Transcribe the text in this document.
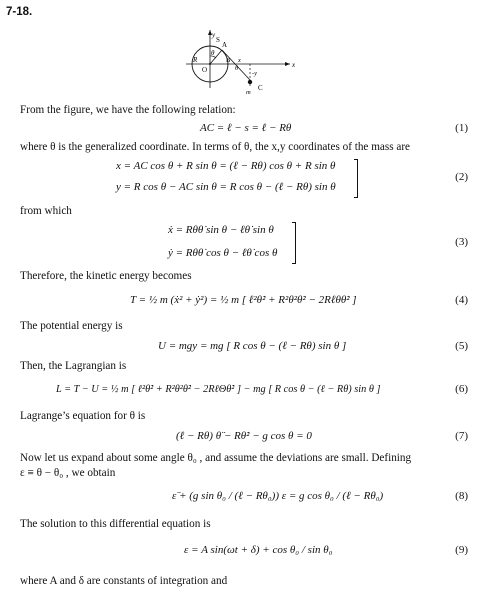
7-18.
y
S
θ
R
O
B
A
x
θ	x
-y
m
C
From the figure, we have the following relation:
AC = ℓ − s = ℓ − Rθ	(1)
where θ is the generalized coordinate. In terms of θ, the x,y coordinates of the mass are
x = AC cos θ + R sin θ = (ℓ − Rθ) cos θ + R sin θ
y = R cos θ − AC sin θ = R cos θ − (ℓ − Rθ) sin θ
(2)
from which
ẋ = Rθθ̇ sin θ − ℓθ̇ sin θ
ẏ = Rθθ̇ cos θ − ℓθ̇ cos θ
(3)
Therefore, the kinetic energy becomes
T = ½ m (ẋ² + ẏ²) = ½ m [ ℓ²θ̇² + R²θ²θ̇² − 2Rℓθθ̇² ]	(4)
The potential energy is
U = mgy = mg [ R cos θ − (ℓ − Rθ) sin θ ]	(5)
Then, the Lagrangian is
L = T − U = ½ m [ ℓ²θ̇² + R²θ²θ̇² − 2RℓΘθ̇² ] − mg [ R cos θ − (ℓ − Rθ) sin θ ]	(6)
Lagrange’s equation for θ is
(ℓ − Rθ) θ̈ − Rθ̇² − g cos θ = 0	(7)
Now let us expand about some angle θ₀ , and assume the deviations are small. Defining
ε ≡ θ − θ₀ , we obtain
ε̈ + (g sin θ₀ / (ℓ − Rθ₀)) ε = g cos θ₀ / (ℓ − Rθ₀)	(8)
The solution to this differential equation is
ε = A sin(ωt + δ) + cos θ₀ / sin θ₀	(9)
where A and δ are constants of integration and
